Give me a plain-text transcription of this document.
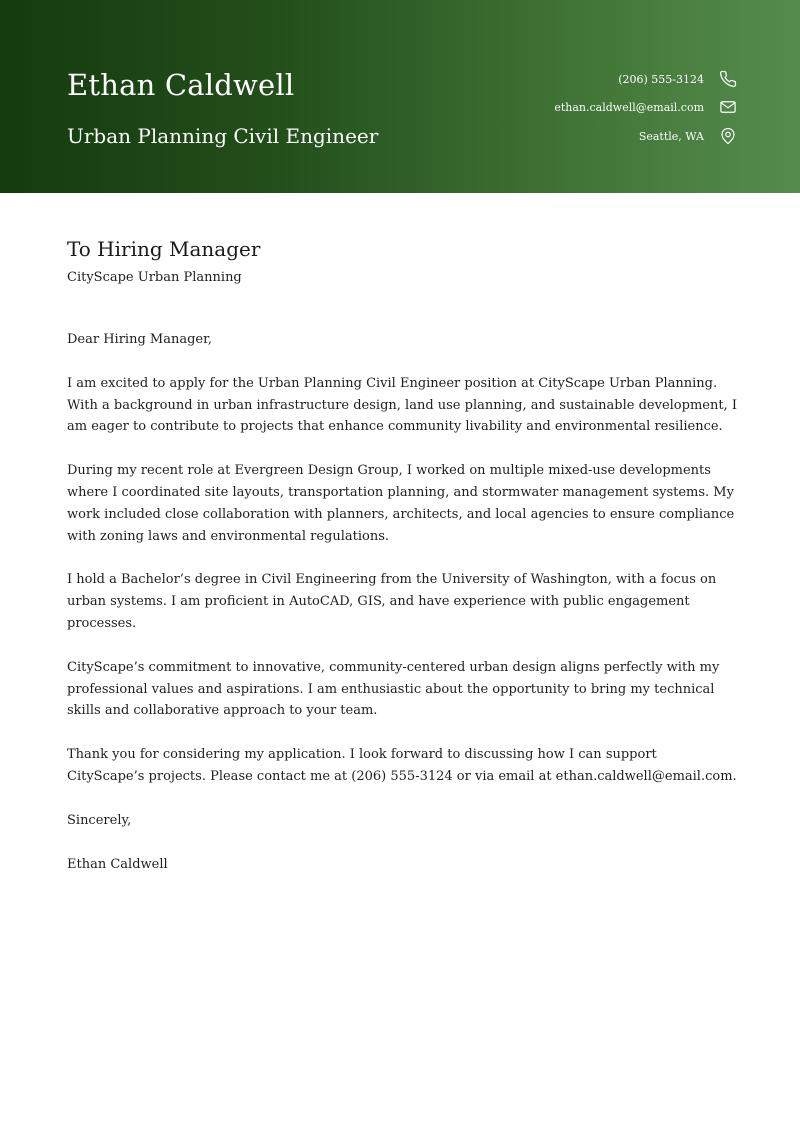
Ethan Caldwell
Urban Planning Civil Engineer
(206) 555-3124
ethan.caldwell@email.com
Seattle, WA
To Hiring Manager
CityScape Urban Planning

Dear Hiring Manager,

I am excited to apply for the Urban Planning Civil Engineer position at CityScape Urban Planning. With a background in urban infrastructure design, land use planning, and sustainable development, I am eager to contribute to projects that enhance community livability and environmental resilience.

During my recent role at Evergreen Design Group, I worked on multiple mixed-use developments where I coordinated site layouts, transportation planning, and stormwater management systems. My work included close collaboration with planners, architects, and local agencies to ensure compliance with zoning laws and environmental regulations.

I hold a Bachelor’s degree in Civil Engineering from the University of Washington, with a focus on urban systems. I am proficient in AutoCAD, GIS, and have experience with public engagement processes.

CityScape’s commitment to innovative, community-centered urban design aligns perfectly with my professional values and aspirations. I am enthusiastic about the opportunity to bring my technical skills and collaborative approach to your team.

Thank you for considering my application. I look forward to discussing how I can support CityScape’s projects. Please contact me at (206) 555-3124 or via email at ethan.caldwell@email.com.

Sincerely,

Ethan Caldwell
